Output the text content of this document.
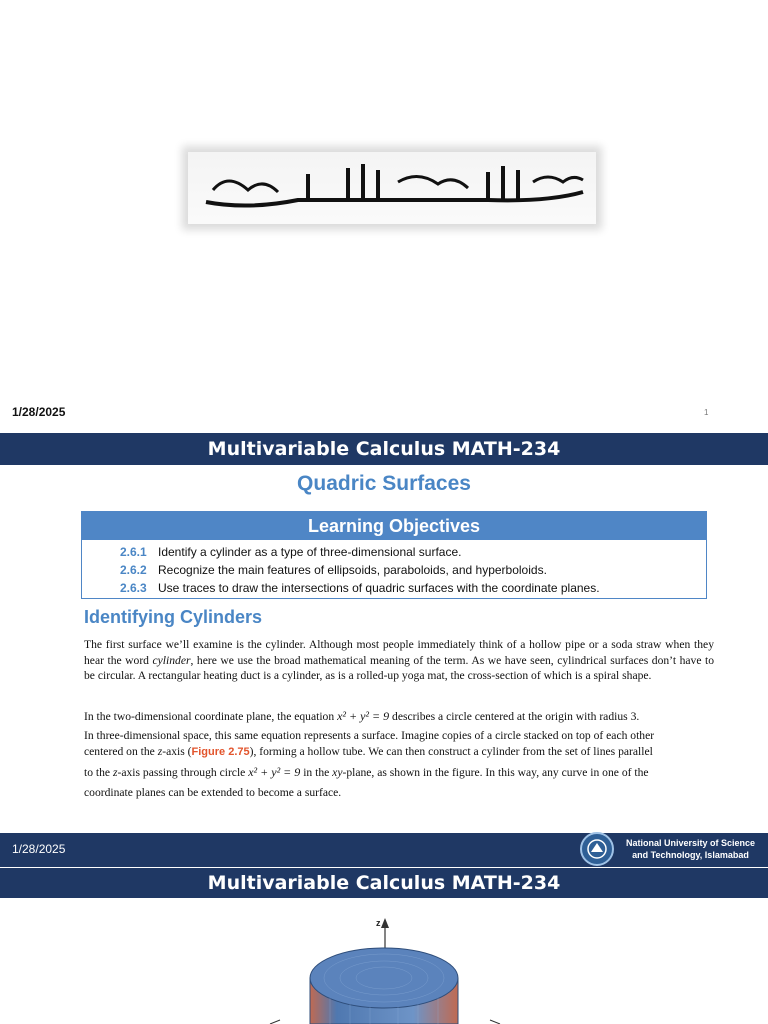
1/28/2025	1
Multivariable Calculus MATH-234
Quadric Surfaces
Learning Objectives
2.6.1 Identify a cylinder as a type of three-dimensional surface.
2.6.2 Recognize the main features of ellipsoids, paraboloids, and hyperboloids.
2.6.3 Use traces to draw the intersections of quadric surfaces with the coordinate planes.
Identifying Cylinders
The first surface we’ll examine is the cylinder. Although most people immediately think of a hollow pipe or a soda straw when they hear the word cylinder, here we use the broad mathematical meaning of the term. As we have seen, cylindrical surfaces don’t have to be circular. A rectangular heating duct is a cylinder, as is a rolled-up yoga mat, the cross-section of which is a spiral shape.
In the two-dimensional coordinate plane, the equation x² + y² = 9 describes a circle centered at the origin with radius 3.
In three-dimensional space, this same equation represents a surface. Imagine copies of a circle stacked on top of each other
centered on the z-axis (Figure 2.75), forming a hollow tube. We can then construct a cylinder from the set of lines parallel
to the z-axis passing through circle x² + y² = 9 in the xy-plane, as shown in the figure. In this way, any curve in one of the
coordinate planes can be extended to become a surface.
1/28/2025	National University of Science
and Technology, Islamabad
Multivariable Calculus MATH-234
z
